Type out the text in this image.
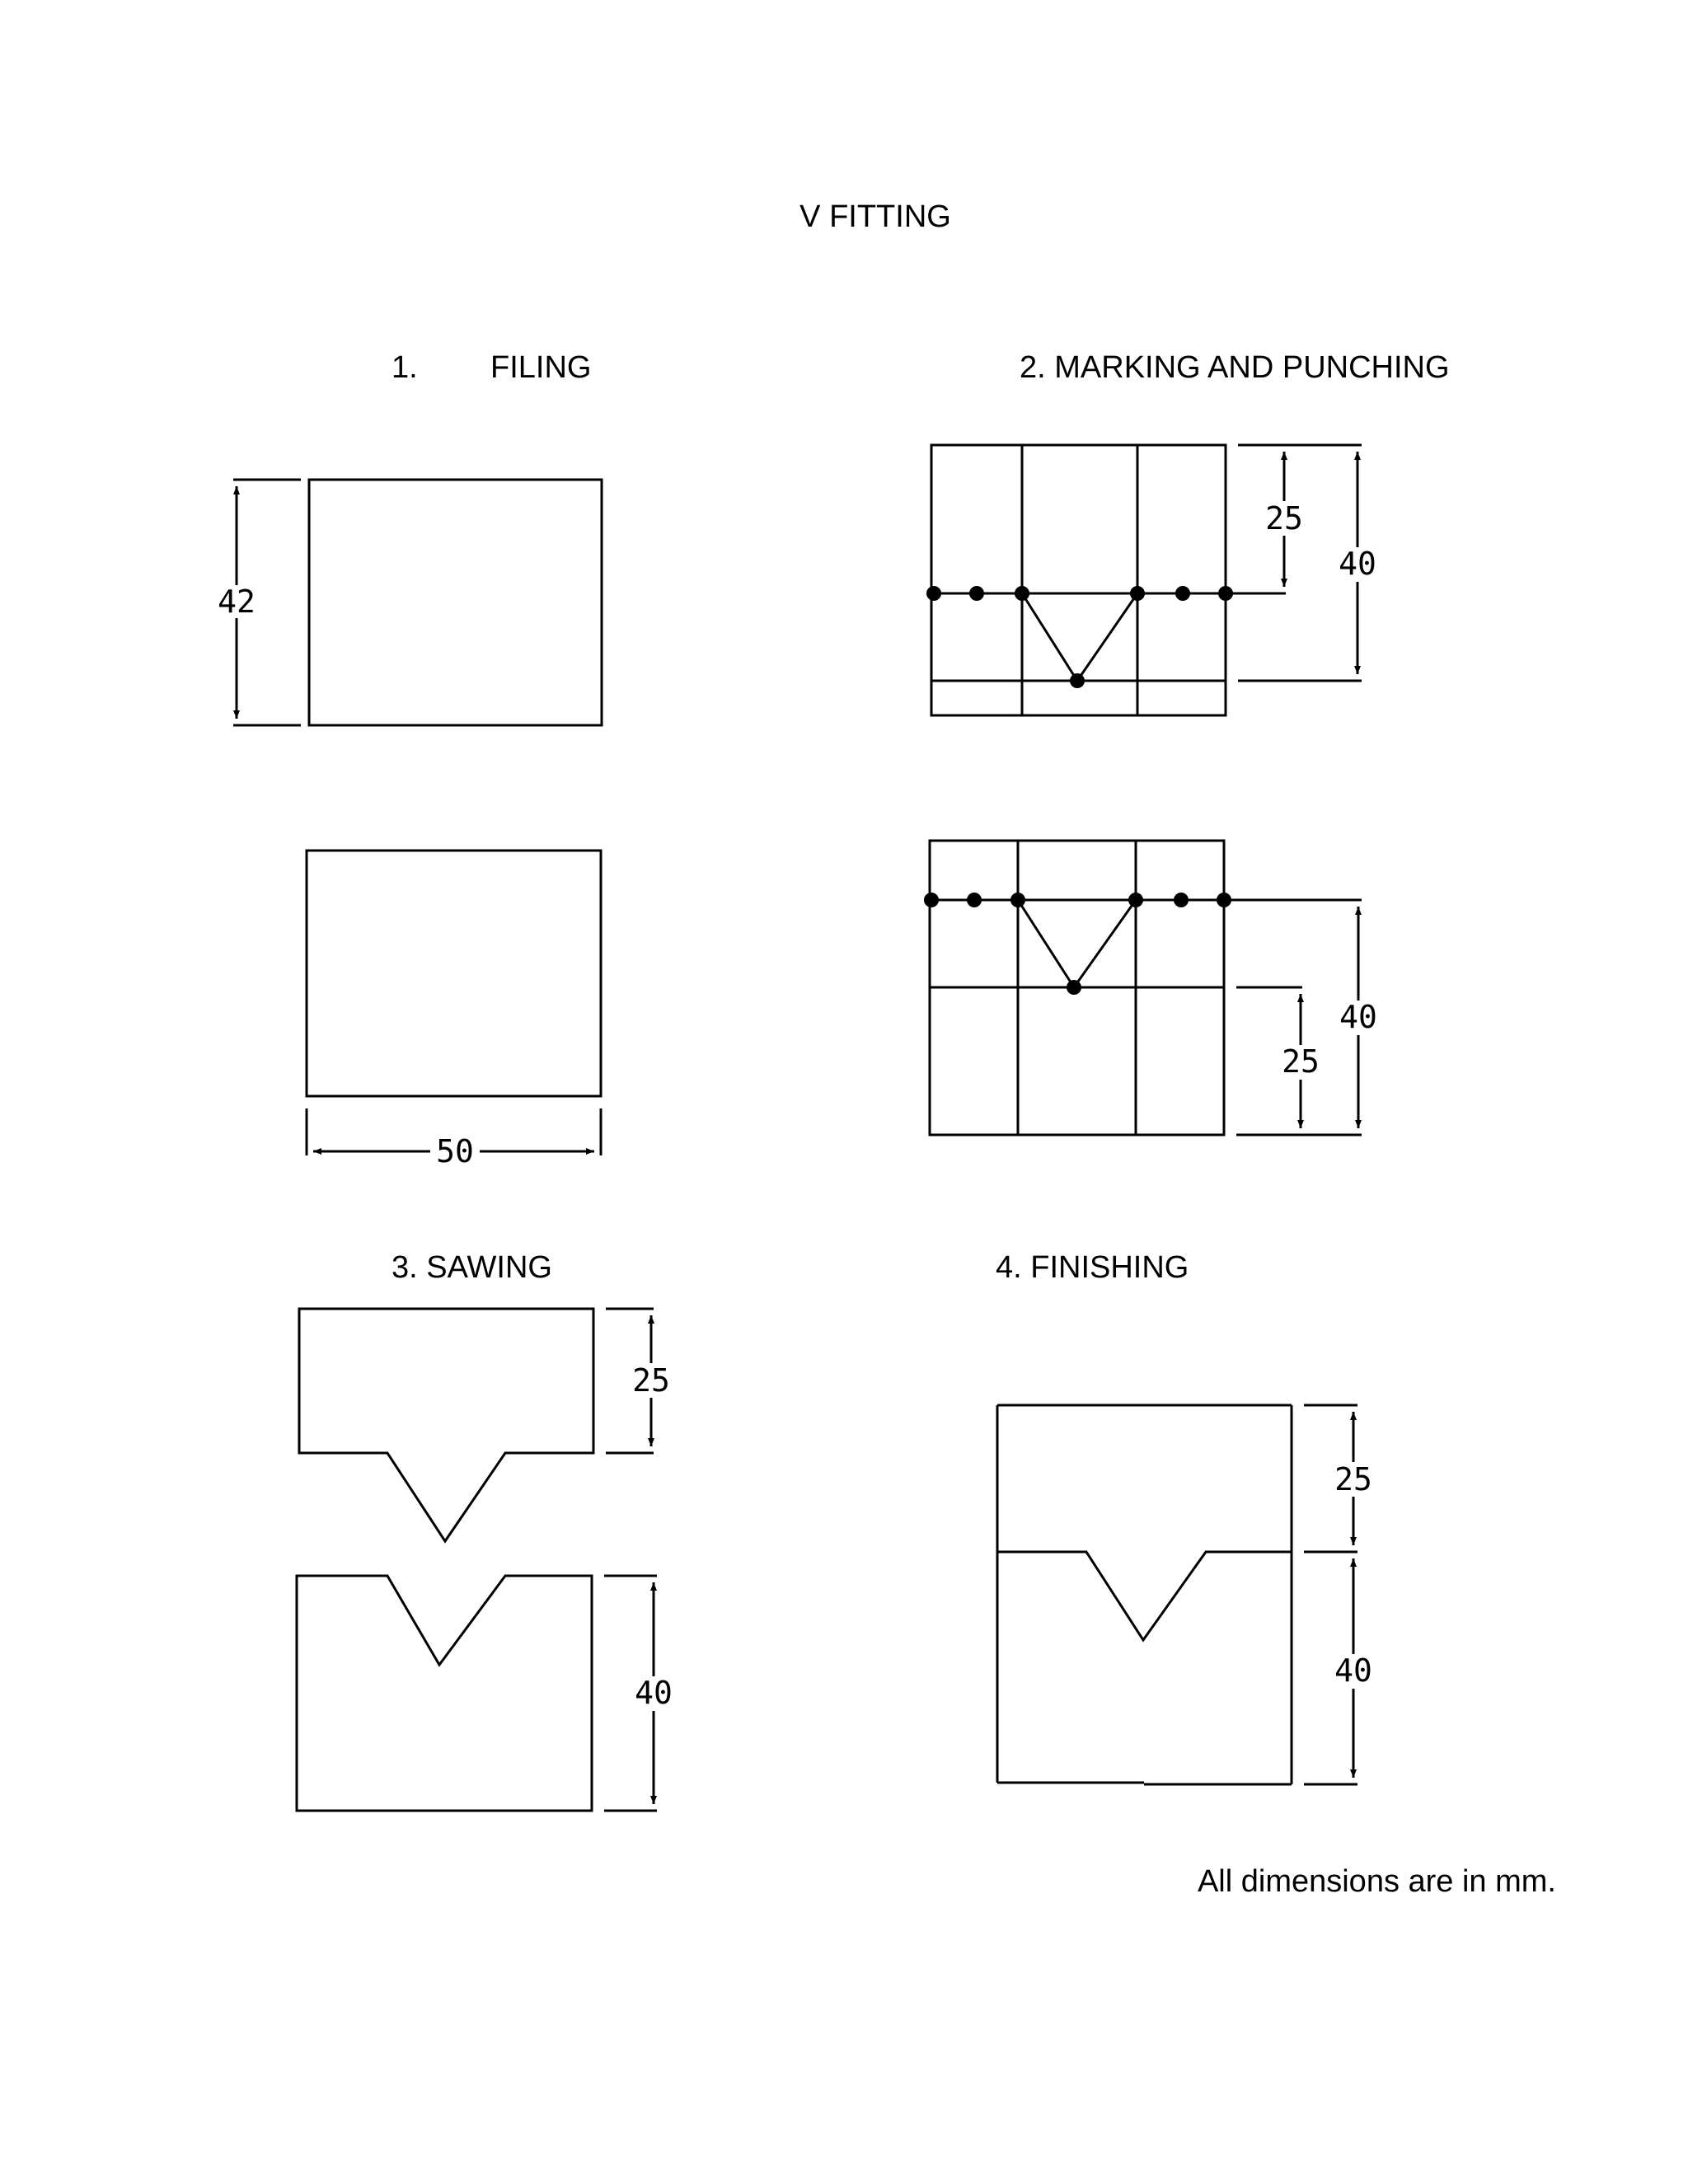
V FITTING
1. FILING
42
50
2. MARKING AND PUNCHING
25
40
40
25
3. SAWING
25
40
4. FINISHING
25
40
All dimensions are in mm.
